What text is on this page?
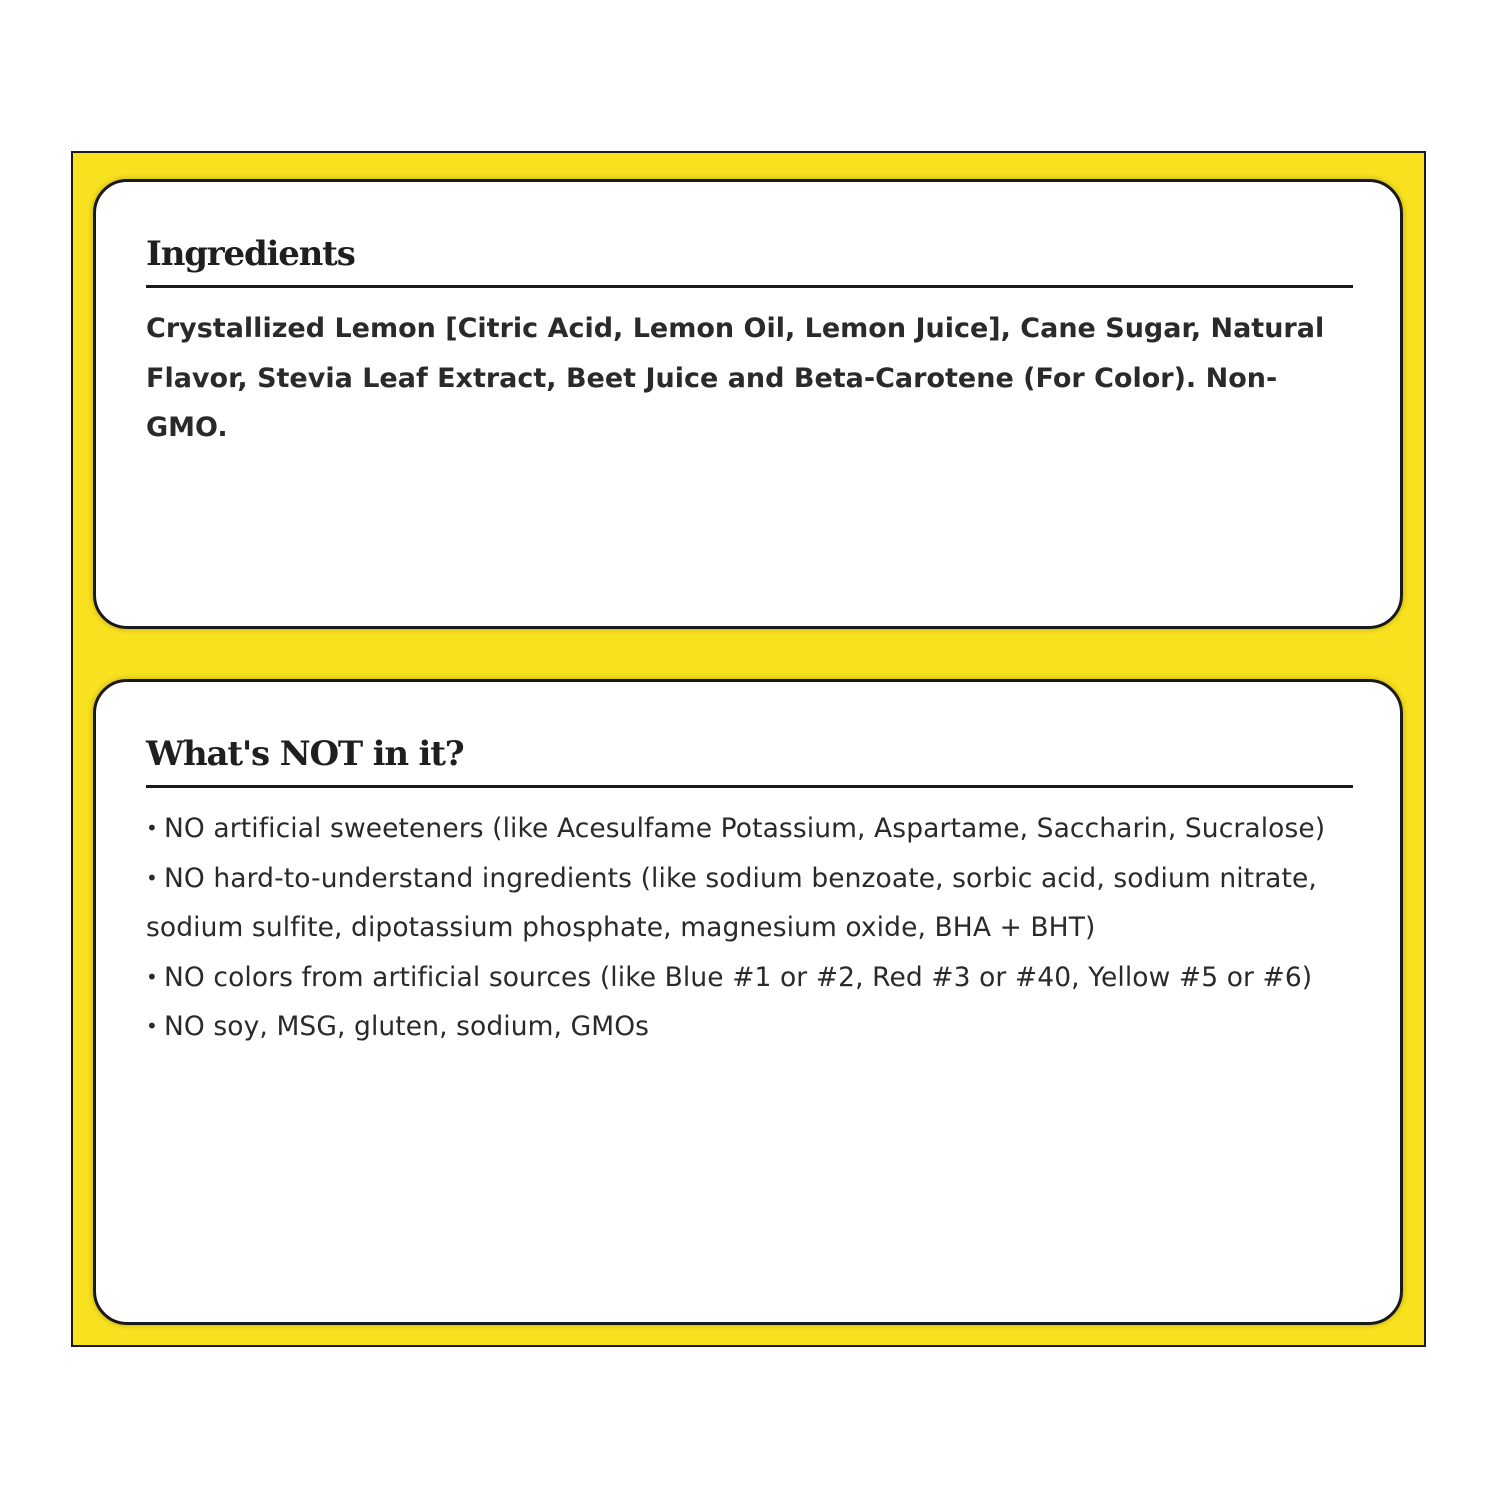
Ingredients

Crystallized Lemon [Citric Acid, Lemon Oil, Lemon Juice], Cane Sugar, Natural Flavor, Stevia Leaf Extract, Beet Juice and Beta-Carotene (For Color). Non-GMO.

What's NOT in it?
• NO artificial sweeteners (like Acesulfame Potassium, Aspartame, Saccharin, Sucralose)
• NO hard-to-understand ingredients (like sodium benzoate, sorbic acid, sodium nitrate, sodium sulfite, dipotassium phosphate, magnesium oxide, BHA + BHT)
• NO colors from artificial sources (like Blue #1 or #2, Red #3 or #40, Yellow #5 or #6)
• NO soy, MSG, gluten, sodium, GMOs
